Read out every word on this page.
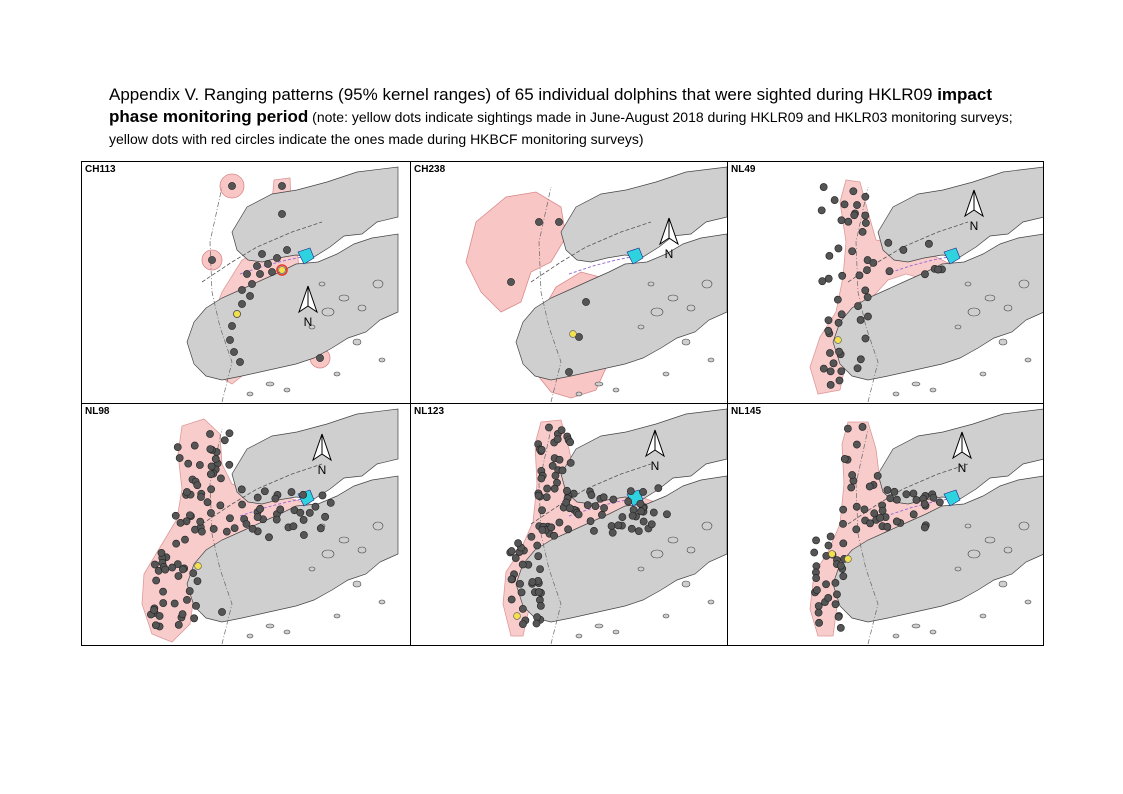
Appendix V. Ranging patterns (95% kernel ranges) of 65 individual dolphins that were sighted during HKLR09 impact phase monitoring period (note: yellow dots indicate sightings made in June-August 2018 during HKLR09 and HKLR03 monitoring surveys; yellow dots with red circles indicate the ones made during HKBCF monitoring surveys)
CH113
N
CH238
N
NL49
N
NL98
N
NL123
N
NL145
N
